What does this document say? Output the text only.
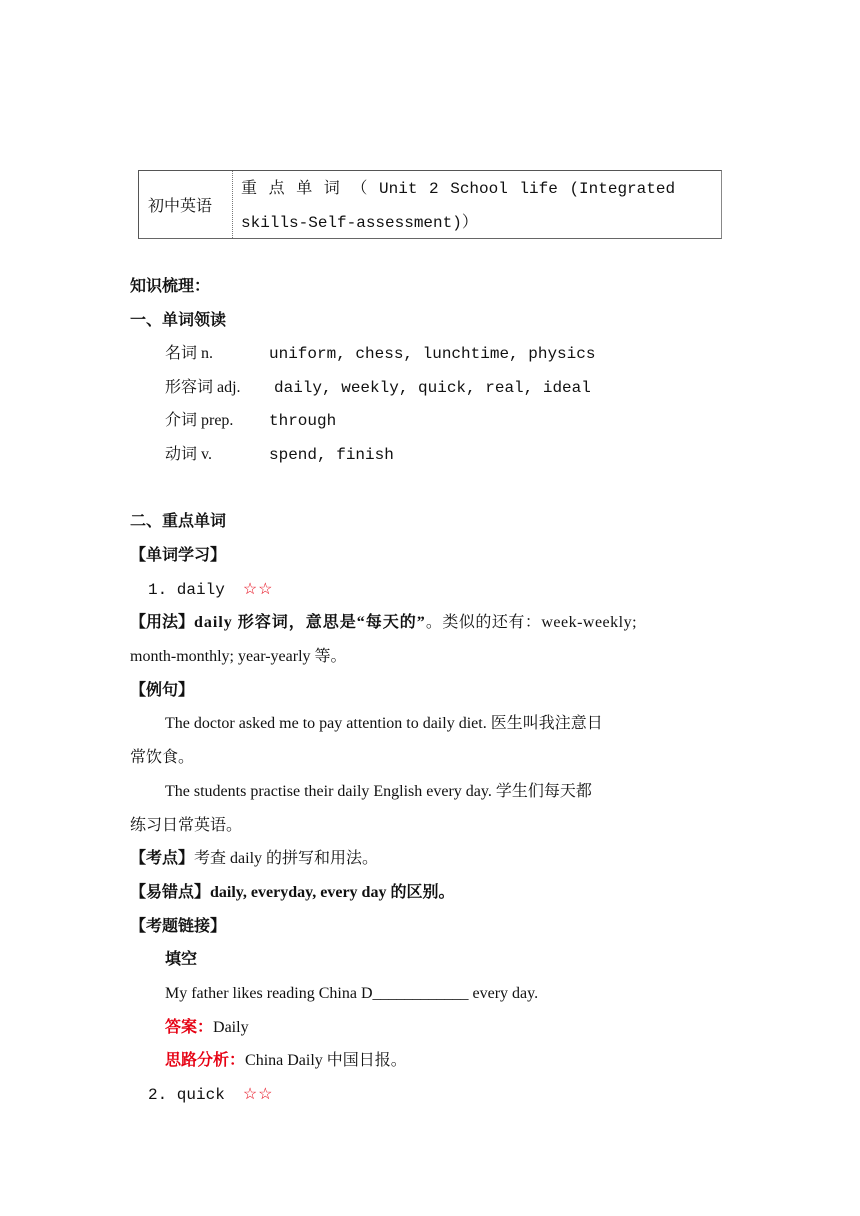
初中英语
重 点 单 词 （ Unit 2 School life (Integrated
skills-Self-assessment)）
知识梳理：
一、单词领读
名词 n.	uniform, chess, lunchtime, physics
形容词 adj. daily, weekly, quick, real, ideal
介词 prep. through
动词 v.	spend, finish
二、重点单词
【单词学习】
1. daily ☆☆
【用法】daily 形容词，意思是“每天的”。类似的还有：week-weekly;
month-monthly; year-yearly 等。
【例句】
The doctor asked me to pay attention to daily diet. 医生叫我注意日
常饮食。
The students practise their daily English every day. 学生们每天都
练习日常英语。
【考点】考查 daily 的拼写和用法。
【易错点】daily, everyday, every day 的区别。
【考题链接】
填空
My father likes reading China D____________ every day.
答案：Daily
思路分析：China Daily 中国日报。
2. quick ☆☆
